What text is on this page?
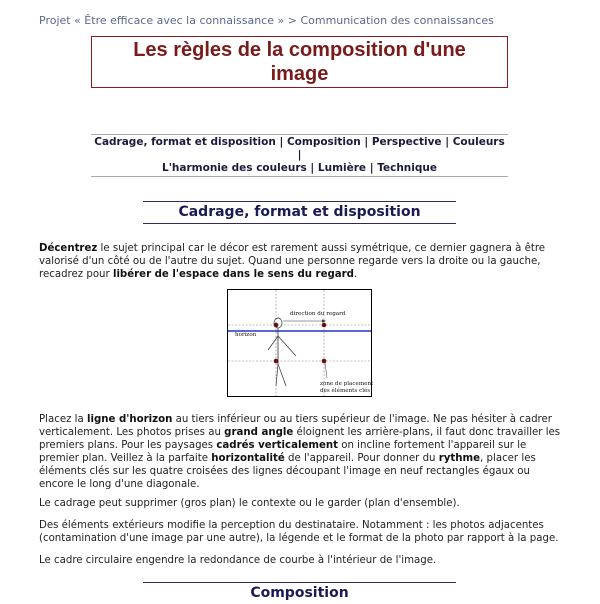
Projet « Être efficace avec la connaissance » > Communication des connaissances
Les règles de la composition d'une
image
Cadrage, format et disposition | Composition | Perspective | Couleurs |
L'harmonie des couleurs | Lumière | Technique
Cadrage, format et disposition

Décentrez le sujet principal car le décor est rarement aussi symétrique, ce dernier gagnera à être valorisé d'un côté ou de l'autre du sujet. Quand une personne regarde vers la droite ou la gauche, recadrez pour libérer de l'espace dans le sens du regard.

direction du regard
horizon
zone de placement
des éléments clés

Placez la ligne d'horizon au tiers inférieur ou au tiers supérieur de l'image. Ne pas hésiter à cadrer verticalement. Les photos prises au grand angle éloignent les arrière-plans, il faut donc travailler les premiers plans. Pour les paysages cadrés verticalement on incline fortement l'appareil sur le premier plan. Veillez à la parfaite horizontalité de l'appareil. Pour donner du rythme, placer les éléments clés sur les quatre croisées des lignes découpant l'image en neuf rectangles égaux ou encore le long d'une diagonale.

Le cadrage peut supprimer (gros plan) le contexte ou le garder (plan d'ensemble).

Des éléments extérieurs modifie la perception du destinataire. Notamment : les photos adjacentes (contamination d'une image par une autre), la légende et le format de la photo par rapport à la page.

Le cadre circulaire engendre la redondance de courbe à l'intérieur de l'image.

Composition
